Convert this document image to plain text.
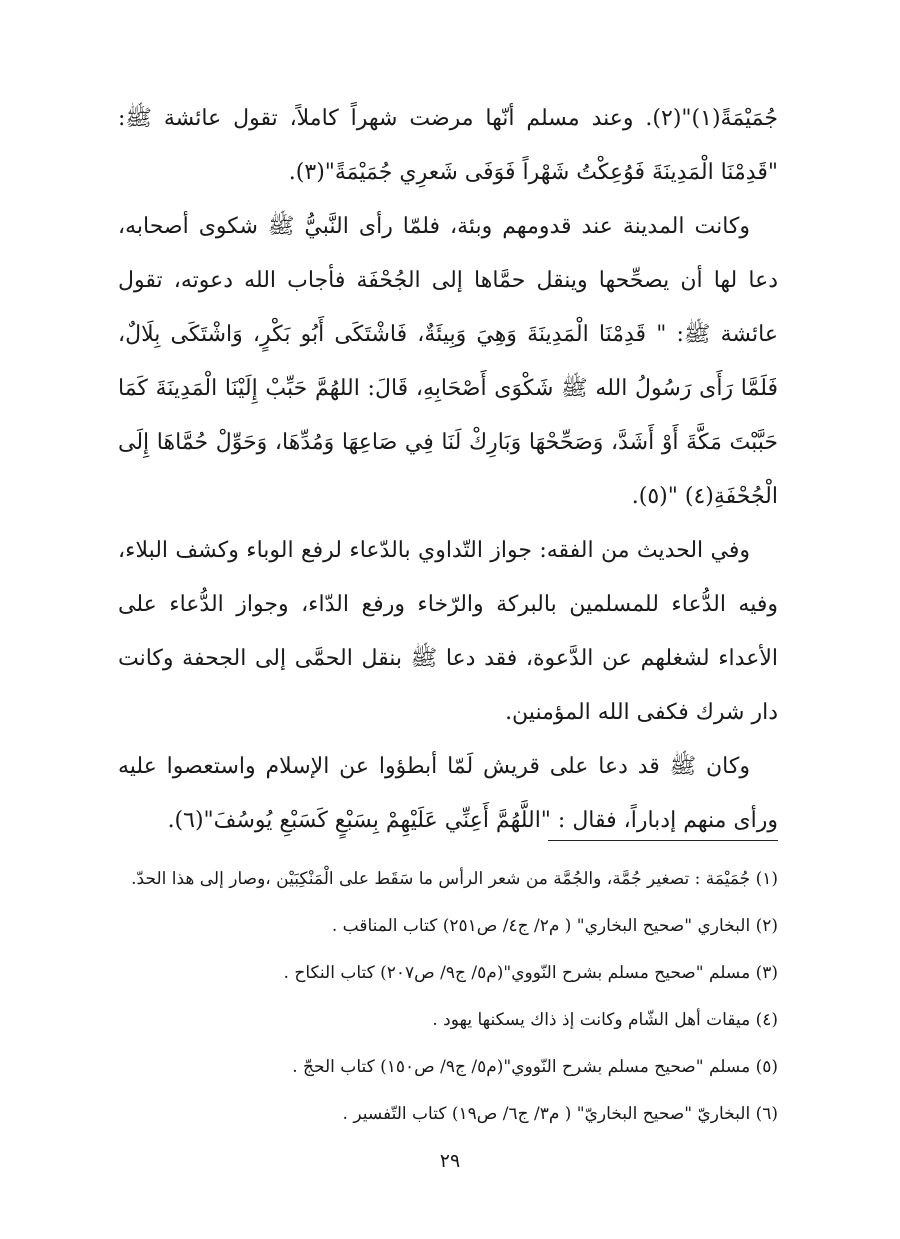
جُمَيْمَةً(١)"(٢). وعند مسلم أنّها مرضت شهراً كاملاً، تقول عائشة ﷺ: "قَدِمْنَا الْمَدِينَةَ فَوُعِكْتُ شَهْراً فَوَفَى شَعرِي جُمَيْمَةً"(٣).

وكانت المدينة عند قدومهم وبئة، فلمّا رأى النَّبيُّ ﷺ شكوى أصحابه، دعا لها أن يصحِّحها وينقل حمَّاها إلى الجُحْفَة فأجاب الله دعوته، تقول عائشة ﷺ: " قَدِمْنَا الْمَدِينَةَ وَهِيَ وَبِيئَةٌ، فَاشْتَكَى أَبُو بَكْرٍ، وَاشْتَكَى بِلَالٌ، فَلَمَّا رَأَى رَسُولُ الله ﷺ شَكْوَى أَصْحَابِهِ، قَالَ: اللهُمَّ حَبِّبْ إِلَيْنَا الْمَدِينَةَ كَمَا حَبَّبْتَ مَكَّةَ أَوْ أَشَدَّ، وَصَحِّحْهَا وَبَارِكْ لَنَا فِي صَاعِهَا وَمُدِّهَا، وَحَوِّلْ حُمَّاهَا إِلَى الْجُحْفَةِ(٤) "(٥).

وفي الحديث من الفقه: جواز التّداوي بالدّعاء لرفع الوباء وكشف البلاء، وفيه الدُّعاء للمسلمين بالبركة والرّخاء ورفع الدّاء، وجواز الدُّعاء على الأعداء لشغلهم عن الدَّعوة، فقد دعا ﷺ بنقل الحمَّى إلى الجحفة وكانت دار شرك فكفى الله المؤمنين.

وكان ﷺ قد دعا على قريش لَمّا أبطؤوا عن الإسلام واستعصوا عليه ورأى منهم إدباراً، فقال : "اللَّهُمَّ أَعِنِّي عَلَيْهِمْ بِسَبْعٍ كَسَبْعِ يُوسُفَ"(٦).

(١) جُمَيْمَة : تصغير جُمَّة، والجُمَّة من شعر الرأس ما سَقَط على الْمَنْكِبَيْن ،وصار إلى هذا الحدّ.
(٢) البخاري "صحيح البخاري" ( م٢/ ج٤/ ص٢٥١) كتاب المناقب .
(٣) مسلم "صحيح مسلم بشرح النّووي"(م٥/ ج٩/ ص٢٠٧) كتاب النكاح .
(٤) ميقات أهل الشّام وكانت إذ ذاك يسكنها يهود .
(٥) مسلم "صحيح مسلم بشرح النّووي"(م٥/ ج٩/ ص١٥٠) كتاب الحجّ .
(٦) البخاريّ "صحيح البخاريّ" ( م٣/ ج٦/ ص١٩) كتاب التّفسير .
٢٩
